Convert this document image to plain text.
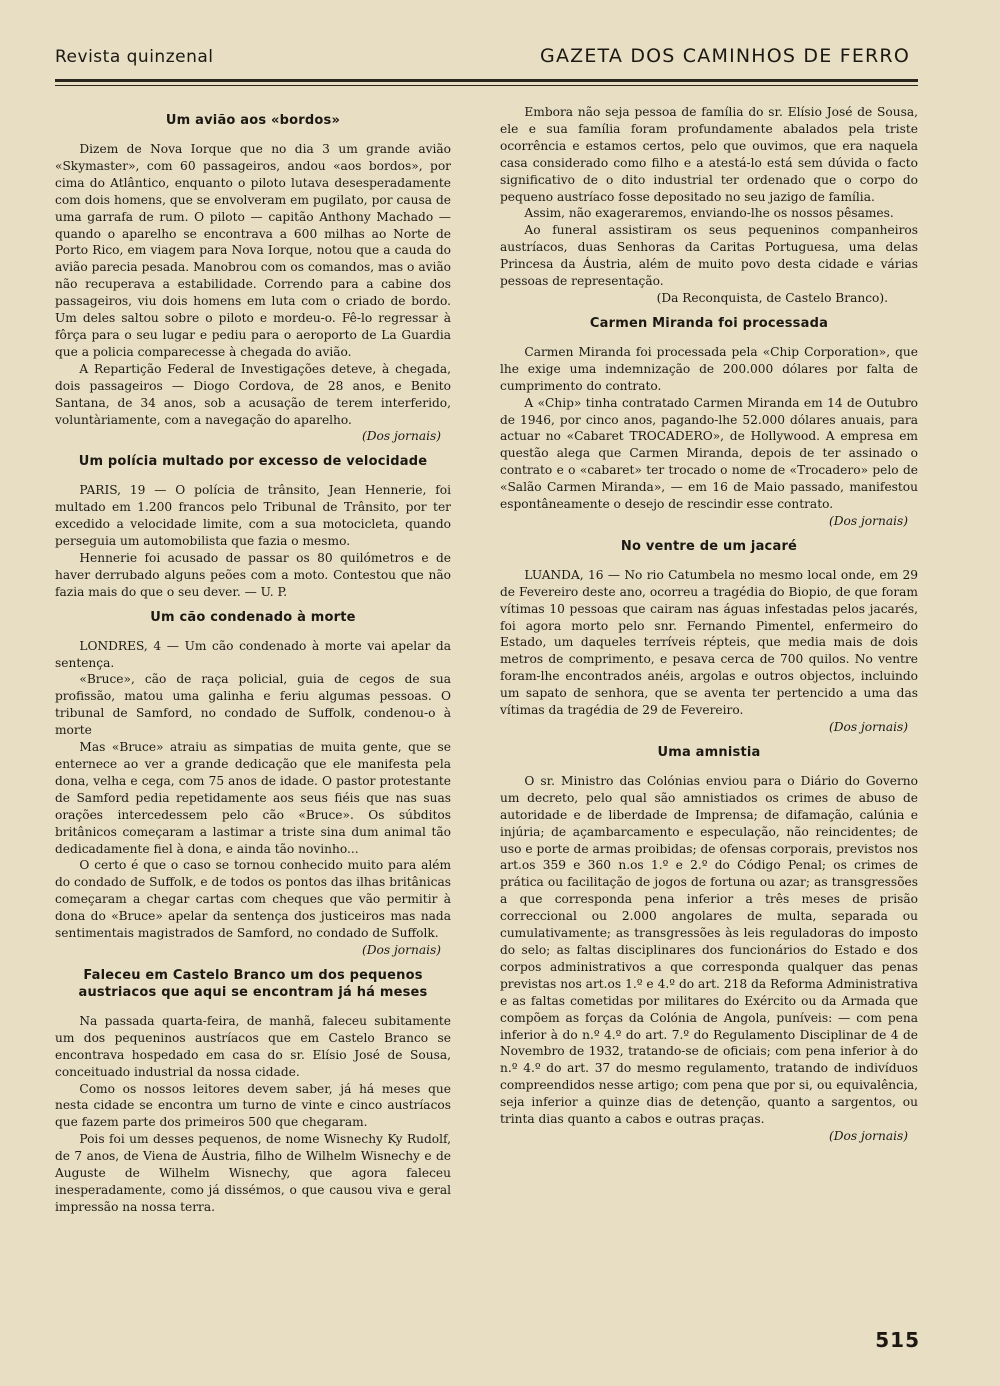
Revista quinzenal	GAZETA DOS CAMINHOS DE FERRO
Um avião aos «bordos»

Dizem de Nova Iorque que no dia 3 um grande avião «Skymaster», com 60 passageiros, andou «aos bordos», por cima do Atlântico, enquanto o piloto lutava desesperadamente com dois homens, que se envolveram em pugilato, por causa de uma garrafa de rum. O piloto — capitão Anthony Machado — quando o aparelho se encontrava a 600 milhas ao Norte de Porto Rico, em viagem para Nova Iorque, notou que a cauda do avião parecia pesada. Manobrou com os comandos, mas o avião não recuperava a estabilidade. Correndo para a cabine dos passageiros, viu dois homens em luta com o criado de bordo. Um deles saltou sobre o piloto e mordeu-o. Fê-lo regressar à fôrça para o seu lugar e pediu para o aeroporto de La Guardia que a policia comparecesse à chegada do avião.

A Repartição Federal de Investigações deteve, à chegada, dois passageiros — Diogo Cordova, de 28 anos, e Benito Santana, de 34 anos, sob a acusação de terem interferido, voluntàriamente, com a navegação do aparelho.

(Dos jornais)

Um polícia multado por excesso de velocidade

PARIS, 19 — O polícia de trânsito, Jean Hennerie, foi multado em 1.200 francos pelo Tribunal de Trânsito, por ter excedido a velocidade limite, com a sua motocicleta, quando perseguia um automobilista que fazia o mesmo.

Hennerie foi acusado de passar os 80 quilómetros e de haver derrubado alguns peões com a moto. Contestou que não fazia mais do que o seu dever. — U. P.

Um cão condenado à morte

LONDRES, 4 — Um cão condenado à morte vai apelar da sentença.

«Bruce», cão de raça policial, guia de cegos de sua profissão, matou uma galinha e feriu algumas pessoas. O tribunal de Samford, no condado de Suffolk, condenou-o à morte

Mas «Bruce» atraiu as simpatias de muita gente, que se enternece ao ver a grande dedicação que ele manifesta pela dona, velha e cega, com 75 anos de idade. O pastor protestante de Samford pedia repetidamente aos seus fiéis que nas suas orações intercedessem pelo cão «Bruce». Os súbditos britânicos começaram a lastimar a triste sina dum animal tão dedicadamente fiel à dona, e ainda tão novinho...

O certo é que o caso se tornou conhecido muito para além do condado de Suffolk, e de todos os pontos das ilhas britânicas começaram a chegar cartas com cheques que vão permitir à dona do «Bruce» apelar da sentença dos justiceiros mas nada sentimentais magistrados de Samford, no condado de Suffolk.

(Dos jornais)

Faleceu em Castelo Branco um dos pequenos austriacos que aqui se encontram já há meses

Na passada quarta-feira, de manhã, faleceu subitamente um dos pequeninos austríacos que em Castelo Branco se encontrava hospedado em casa do sr. Elísio José de Sousa, conceituado industrial da nossa cidade.

Como os nossos leitores devem saber, já há meses que nesta cidade se encontra um turno de vinte e cinco austríacos que fazem parte dos primeiros 500 que chegaram.

Pois foi um desses pequenos, de nome Wisnechy Ky Rudolf, de 7 anos, de Viena de Áustria, filho de Wilhelm Wisnechy e de Auguste de Wilhelm Wisnechy, que agora faleceu inesperadamente, como já dissémos, o que causou viva e geral impressão na nossa terra.

Embora não seja pessoa de família do sr. Elísio José de Sousa, ele e sua família foram profundamente abalados pela triste ocorrência e estamos certos, pelo que ouvimos, que era naquela casa considerado como filho e a atestá-lo está sem dúvida o facto significativo de o dito industrial ter ordenado que o corpo do pequeno austríaco fosse depositado no seu jazigo de família.

Assim, não exageraremos, enviando-lhe os nossos pêsames.

Ao funeral assistiram os seus pequeninos companheiros austríacos, duas Senhoras da Caritas Portuguesa, uma delas Princesa da Áustria, além de muito povo desta cidade e várias pessoas de representação.

(Da Reconquista, de Castelo Branco).

Carmen Miranda foi processada

Carmen Miranda foi processada pela «Chip Corporation», que lhe exige uma indemnização de 200.000 dólares por falta de cumprimento do contrato.

A «Chip» tinha contratado Carmen Miranda em 14 de Outubro de 1946, por cinco anos, pagando-lhe 52.000 dólares anuais, para actuar no «Cabaret TROCADERO», de Hollywood. A empresa em questão alega que Carmen Miranda, depois de ter assinado o contrato e o «cabaret» ter trocado o nome de «Trocadero» pelo de «Salão Carmen Miranda», — em 16 de Maio passado, manifestou espontâneamente o desejo de rescindir esse contrato.

(Dos jornais)

No ventre de um jacaré

LUANDA, 16 — No rio Catumbela no mesmo local onde, em 29 de Fevereiro deste ano, ocorreu a tragédia do Biopio, de que foram vítimas 10 pessoas que cairam nas águas infestadas pelos jacarés, foi agora morto pelo snr. Fernando Pimentel, enfermeiro do Estado, um daqueles terríveis répteis, que media mais de dois metros de comprimento, e pesava cerca de 700 quilos. No ventre foram-lhe encontrados anéis, argolas e outros objectos, incluindo um sapato de senhora, que se aventa ter pertencido a uma das vítimas da tragédia de 29 de Fevereiro.

(Dos jornais)

Uma amnistia

O sr. Ministro das Colónias enviou para o Diário do Governo um decreto, pelo qual são amnistiados os crimes de abuso de autoridade e de liberdade de Imprensa; de difamação, calúnia e injúria; de açambarcamento e especulação, não reincidentes; de uso e porte de armas proibidas; de ofensas corporais, previstos nos art.os 359 e 360 n.os 1.º e 2.º do Código Penal; os crimes de prática ou facilitação de jogos de fortuna ou azar; as transgressões a que corresponda pena inferior a três meses de prisão correccional ou 2.000 angolares de multa, separada ou cumulativamente; as transgressões às leis reguladoras do imposto do selo; as faltas disciplinares dos funcionários do Estado e dos corpos administrativos a que corresponda qualquer das penas previstas nos art.os 1.º e 4.º do art. 218 da Reforma Administrativa e as faltas cometidas por militares do Exército ou da Armada que compõem as forças da Colónia de Angola, puníveis: — com pena inferior à do n.º 4.º do art. 7.º do Regulamento Disciplinar de 4 de Novembro de 1932, tratando-se de oficiais; com pena inferior à do n.º 4.º do art. 37 do mesmo regulamento, tratando de indivíduos compreendidos nesse artigo; com pena que por si, ou equivalência, seja inferior a quinze dias de detenção, quanto a sargentos, ou trinta dias quanto a cabos e outras praças.

(Dos jornais)

515
